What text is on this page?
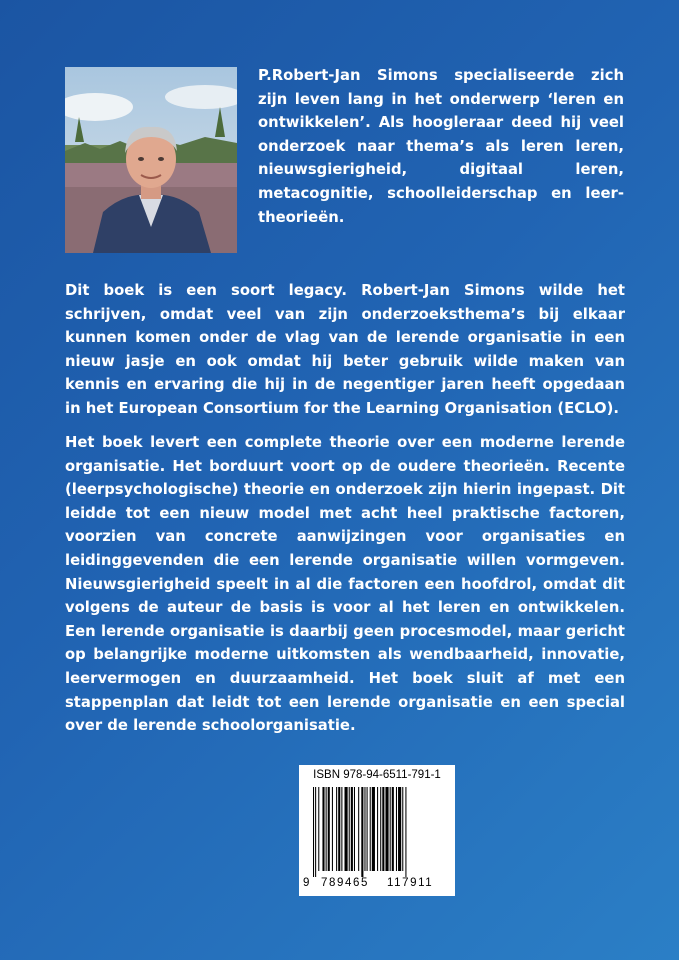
P.Robert-Jan Simons specialiseerde zich zijn leven lang in het onderwerp ‘leren en ontwikkelen’. Als hoogleraar deed hij veel onderzoek naar thema’s als leren leren, nieuwsgierigheid, digitaal leren, metacognitie, schoolleiderschap en leer-theorieën.

Dit boek is een soort legacy. Robert-Jan Simons wilde het schrijven, omdat veel van zijn onderzoeksthema’s bij elkaar kunnen komen onder de vlag van de lerende organisatie in een nieuw jasje en ook omdat hij beter gebruik wilde maken van kennis en ervaring die hij in de negentiger jaren heeft opgedaan in het European Consortium for the Learning Organisation (ECLO).

Het boek levert een complete theorie over een moderne lerende organisatie. Het borduurt voort op de oudere theorieën. Recente (leerpsychologische) theorie en onderzoek zijn hierin ingepast. Dit leidde tot een nieuw model met acht heel praktische factoren, voorzien van concrete aanwijzingen voor organisaties en leidinggevenden die een lerende organisatie willen vormgeven. Nieuwsgierigheid speelt in al die factoren een hoofdrol, omdat dit volgens de auteur de basis is voor al het leren en ontwikkelen. Een lerende organisatie is daarbij geen procesmodel, maar gericht op belangrijke moderne uitkomsten als wendbaarheid, innovatie, leervermogen en duurzaamheid. Het boek sluit af met een stappenplan dat leidt tot een lerende organisatie en een special over de lerende schoolorganisatie.

ISBN 978-94-6511-791-1
9 789465 117911
